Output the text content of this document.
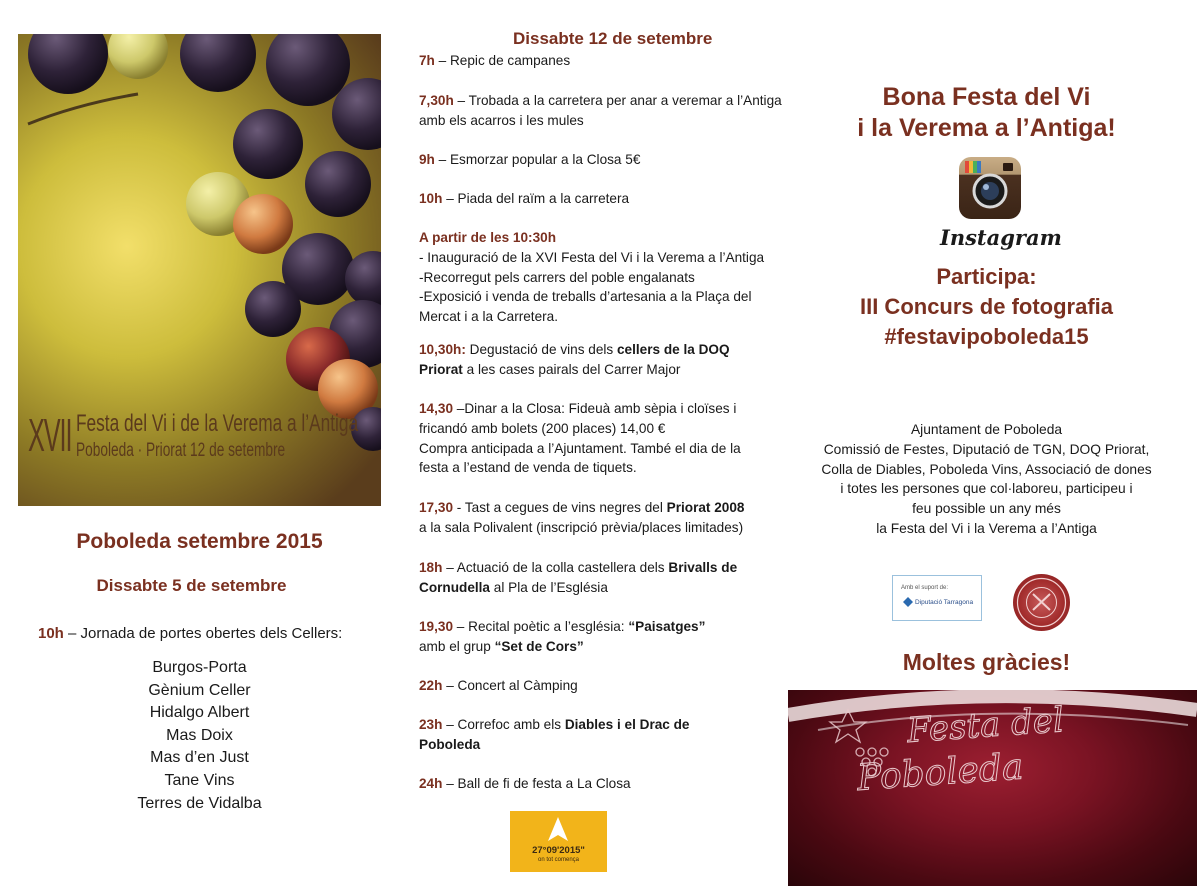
XVII Festa del Vi i de la Verema a l’Antiga
Poboleda · Priorat 12 de setembre
Poboleda setembre 2015
Dissabte 5 de setembre
10h – Jornada de portes obertes dels Cellers:
Burgos-Porta
Gènium Celler
Hidalgo Albert
Mas Doix
Mas d’en Just
Tane Vins
Terres de Vidalba
Dissabte 12 de setembre
7h – Repic de campanes
7,30h – Trobada a la carretera per anar a veremar a l’Antiga
amb els acarros i les mules
9h – Esmorzar popular a la Closa 5€
10h – Piada del raïm a la carretera
A partir de les 10:30h
- Inauguració de la XVI Festa del Vi i la Verema a l’Antiga
-Recorregut pels carrers del poble engalanats
-Exposició i venda de treballs d’artesania a la Plaça del
Mercat i a la Carretera.
10,30h: Degustació de vins dels cellers de la DOQ
Priorat a les cases pairals del Carrer Major
14,30 –Dinar a la Closa: Fideuà amb sèpia i cloïses i
fricandó amb bolets (200 places) 14,00 €
Compra anticipada a l’Ajuntament. També el dia de la
festa a l’estand de venda de tiquets.
17,30 - Tast a cegues de vins negres del Priorat 2008
a la sala Polivalent (inscripció prèvia/places limitades)
18h – Actuació de la colla castellera dels Brivalls de
Cornudella al Pla de l’Església
19,30 – Recital poètic a l’església: “Paisatges”
amb el grup “Set de Cors”
22h – Concert al Càmping
23h – Correfoc amb els Diables i el Drac de
Poboleda
24h – Ball de fi de festa a La Closa
27°09'2015"
on tot comença
Bona Festa del Vi
i la Verema a l’Antiga!
Instagram
Participa:
III Concurs de fotografia
#festavipoboleda15
Ajuntament de Poboleda
Comissió de Festes, Diputació de TGN, DOQ Priorat,
Colla de Diables, Poboleda Vins, Associació de dones
i totes les persones que col·laboreu, participeu i
feu possible un any més
la Festa del Vi i la Verema a l’Antiga
Amb el suport de:
Diputació Tarragona
Moltes gràcies!
Festa del
Poboleda
